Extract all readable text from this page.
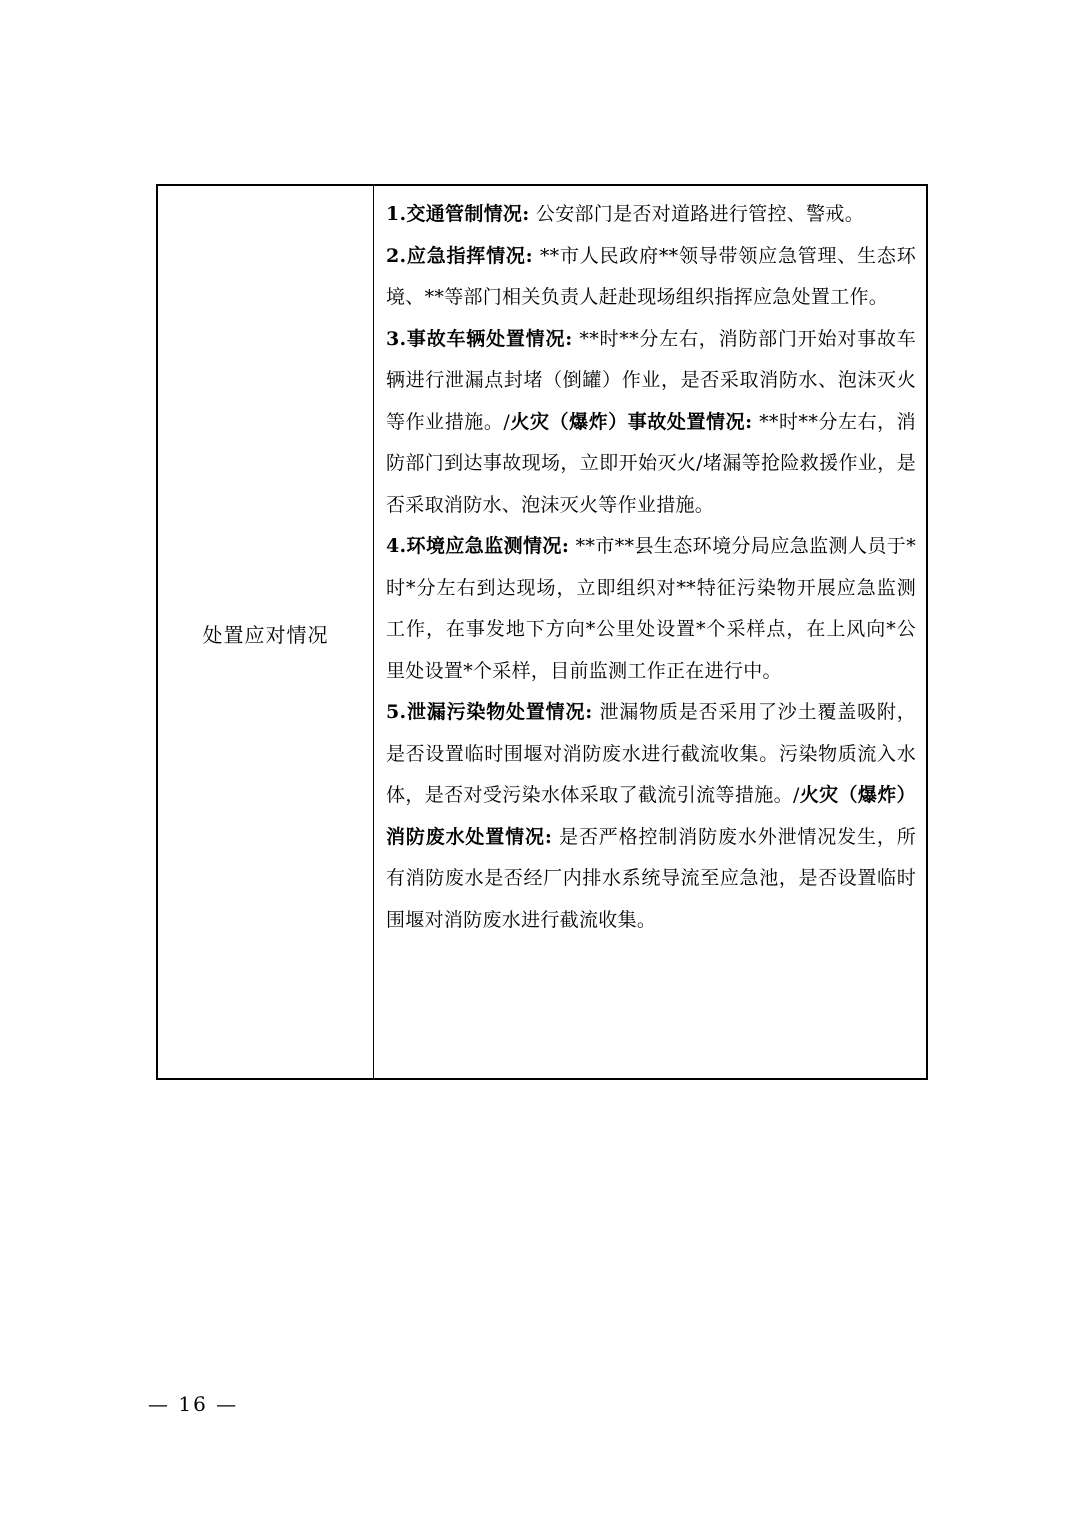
处置应对情况

1.交通管制情况: 公安部门是否对道路进行管控、警戒。

2.应急指挥情况: **市人民政府**领导带领应急管理、生态环境、**等部门相关负责人赶赴现场组织指挥应急处置工作。

3.事故车辆处置情况: **时**分左右，消防部门开始对事故车辆进行泄漏点封堵（倒罐）作业，是否采取消防水、泡沫灭火等作业措施。/火灾（爆炸）事故处置情况: **时**分左右，消防部门到达事故现场，立即开始灭火/堵漏等抢险救援作业，是否采取消防水、泡沫灭火等作业措施。

4.环境应急监测情况: **市**县生态环境分局应急监测人员于*时*分左右到达现场，立即组织对**特征污染物开展应急监测工作，在事发地下方向*公里处设置*个采样点，在上风向*公里处设置*个采样，目前监测工作正在进行中。

5.泄漏污染物处置情况: 泄漏物质是否采用了沙土覆盖吸附，是否设置临时围堰对消防废水进行截流收集。污染物质流入水体，是否对受污染水体采取了截流引流等措施。/火灾（爆炸）消防废水处置情况: 是否严格控制消防废水外泄情况发生，所有消防废水是否经厂内排水系统导流至应急池，是否设置临时围堰对消防废水进行截流收集。

— 16 —
